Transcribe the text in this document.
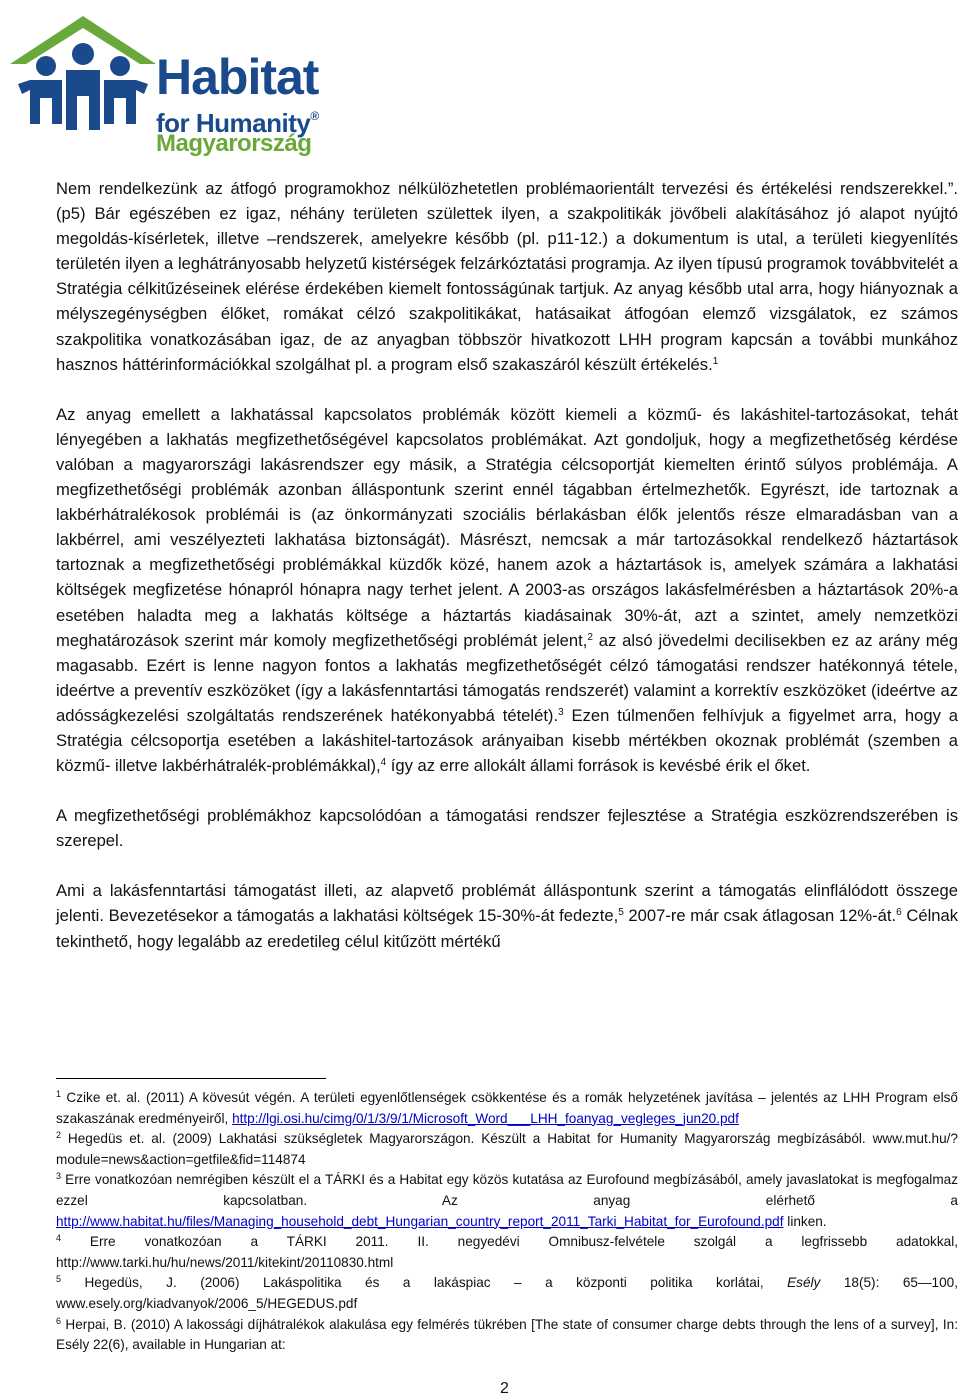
Habitat
for Humanity®
Magyarország

Nem rendelkezünk az átfogó programokhoz nélkülözhetetlen problémaorientált tervezési és értékelési rendszerekkel.”. (p5) Bár egészében ez igaz, néhány területen születtek ilyen, a szakpolitikák jövőbeli alakításához jó alapot nyújtó megoldás-kísérletek, illetve –rendszerek, amelyekre később (pl. p11-12.) a dokumentum is utal, a területi kiegyenlítés területén ilyen a leghátrányosabb helyzetű kistérségek felzárkóztatási programja. Az ilyen típusú programok továbbvitelét a Stratégia célkitűzéseinek elérése érdekében kiemelt fontosságúnak tartjuk. Az anyag később utal arra, hogy hiányoznak a mélyszegénységben élőket, romákat célzó szakpolitikákat, hatásaikat átfogóan elemző vizsgálatok, ez számos szakpolitika vonatkozásában igaz, de az anyagban többször hivatkozott LHH program kapcsán a további munkához hasznos háttérinformációkkal szolgálhat pl. a program első szakaszáról készült értékelés.$^1$

Az anyag emellett a lakhatással kapcsolatos problémák között kiemeli a közmű- és lakáshitel-tartozásokat, tehát lényegében a lakhatás megfizethetőségével kapcsolatos problémákat. Azt gondoljuk, hogy a megfizethetőség kérdése valóban a magyarországi lakásrendszer egy másik, a Stratégia célcsoportját kiemelten érintő súlyos problémája. A megfizethetőségi problémák azonban álláspontunk szerint ennél tágabban értelmezhetők. Egyrészt, ide tartoznak a lakbérhátralékosok problémái is (az önkormányzati szociális bérlakásban élők jelentős része elmaradásban van a lakbérrel, ami veszélyezteti lakhatása biztonságát). Másrészt, nemcsak a már tartozásokkal rendelkező háztartások tartoznak a megfizethetőségi problémákkal küzdők közé, hanem azok a háztartások is, amelyek számára a lakhatási költségek megfizetése hónapról hónapra nagy terhet jelent. A 2003-as országos lakásfelmérésben a háztartások 20%-a esetében haladta meg a lakhatás költsége a háztartás kiadásainak 30%-át, azt a szintet, amely nemzetközi meghatározások szerint már komoly megfizethetőségi problémát jelent,$^2$ az alsó jövedelmi decilisekben ez az arány még magasabb. Ezért is lenne nagyon fontos a lakhatás megfizethetőségét célzó támogatási rendszer hatékonnyá tétele, ideértve a preventív eszközöket (így a lakásfenntartási támogatás rendszerét) valamint a korrektív eszközöket (ideértve az adósságkezelési szolgáltatás rendszerének hatékonyabbá tételét).$^3$ Ezen túlmenően felhívjuk a figyelmet arra, hogy a Stratégia célcsoportja esetében a lakáshitel-tartozások arányaiban kisebb mértékben okoznak problémát (szemben a közmű- illetve lakbérhátralék-problémákkal),$^4$ így az erre allokált állami források is kevésbé érik el őket.

A megfizethetőségi problémákhoz kapcsolódóan a támogatási rendszer fejlesztése a Stratégia eszközrendszerében is szerepel.

Ami a lakásfenntartási támogatást illeti, az alapvető problémát álláspontunk szerint a támogatás elinflálódott összege jelenti. Bevezetésekor a támogatás a lakhatási költségek 15-30%-át fedezte,$^5$ 2007-re már csak átlagosan 12%-át.$^6$ Célnak tekinthető, hogy legalább az eredetileg célul kitűzött mértékű

$^1$ Czike et. al. (2011) A kövesút végén. A területi egyenlőtlenségek csökkentése és a romák helyzetének javítása – jelentés az LHH Program első szakaszának eredményeiről, http://lgi.osi.hu/cimg/0/1/3/9/1/Microsoft_Word___LHH_foanyag_vegleges_jun20.pdf

$^2$ Hegedüs et. al. (2009) Lakhatási szükségletek Magyarországon. Készült a Habitat for Humanity Magyarország megbízásából. www.mut.hu/?module=news&action=getfile&fid=114874

$^3$ Erre vonatkozóan nemrégiben készült el a TÁRKI és a Habitat egy közös kutatása az Eurofound megbízásából, amely javaslatokat is megfogalmaz ezzel kapcsolatban. Az anyag elérhető a http://www.habitat.hu/files/Managing_household_debt_Hungarian_country_report_2011_Tarki_Habitat_for_Eurofound.pdf linken.

$^4$ Erre vonatkozóan a TÁRKI 2011. II. negyedévi Omnibusz-felvétele szolgál a legfrissebb adatokkal, http://www.tarki.hu/hu/news/2011/kitekint/20110830.html

$^5$ Hegedüs, J. (2006) Lakáspolitika és a lakáspiac – a központi politika korlátai, Esély 18(5): 65—100, www.esely.org/kiadvanyok/2006_5/HEGEDUS.pdf

$^6$ Herpai, B. (2010) A lakossági díjhátralékok alakulása egy felmérés tükrében [The state of consumer charge debts through the lens of a survey], In: Esély 22(6), available in Hungarian at:

2
